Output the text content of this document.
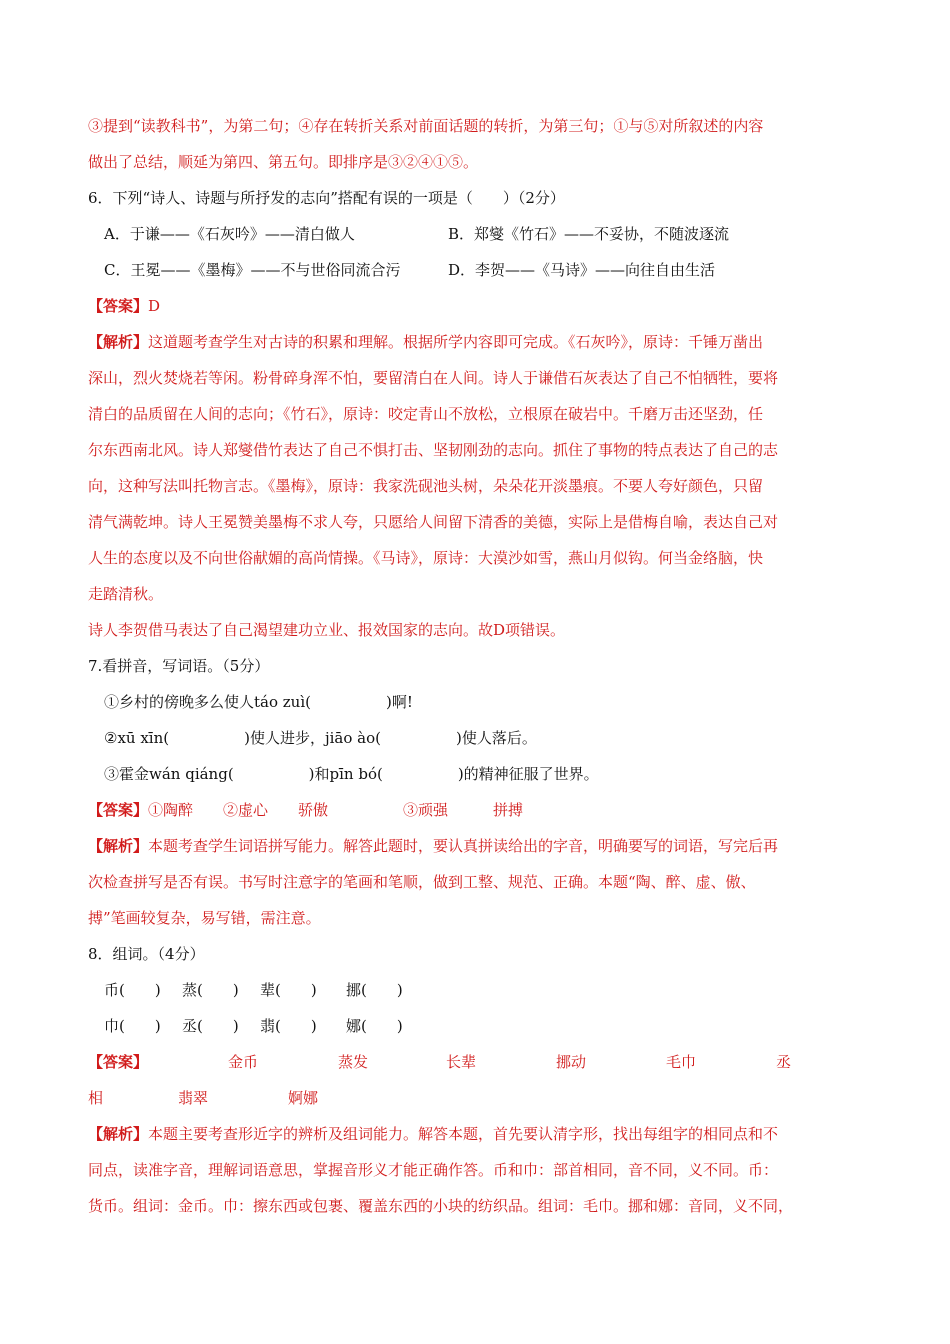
③提到“读教科书”，为第二句；④存在转折关系对前面话题的转折，为第三句；①与⑤对所叙述的内容
做出了总结，顺延为第四、第五句。即排序是③②④①⑤。
6．下列“诗人、诗题与所抒发的志向”搭配有误的一项是（　　）（2分）
A．于谦——《石灰吟》——清白做人	B．郑燮《竹石》——不妥协，不随波逐流
C．王冕——《墨梅》——不与世俗同流合污	D．李贺——《马诗》——向往自由生活
【答案】D
【解析】这道题考查学生对古诗的积累和理解。根据所学内容即可完成。《石灰吟》，原诗：千锤万凿出
深山，烈火焚烧若等闲。粉骨碎身浑不怕，要留清白在人间。诗人于谦借石灰表达了自己不怕牺牲，要将
清白的品质留在人间的志向；《竹石》，原诗：咬定青山不放松，立根原在破岩中。千磨万击还坚劲，任
尔东西南北风。诗人郑燮借竹表达了自己不惧打击、坚韧刚劲的志向。抓住了事物的特点表达了自己的志
向，这种写法叫托物言志。《墨梅》，原诗：我家洗砚池头树，朵朵花开淡墨痕。不要人夸好颜色，只留
清气满乾坤。诗人王冕赞美墨梅不求人夸，只愿给人间留下清香的美德，实际上是借梅自喻，表达自己对
人生的态度以及不向世俗献媚的高尚情操。《马诗》，原诗：大漠沙如雪，燕山月似钩。何当金络脑，快
走踏清秋。
诗人李贺借马表达了自己渴望建功立业、报效国家的志向。故D项错误。
7.看拼音，写词语。（5分）
①乡村的傍晚多么使人táo zuì(　　　　　)啊!
②xū xīn(　　　　　)使人进步，jiāo ào(　　　　　)使人落后。
③霍金wán qiáng(　　　　　)和pīn bó(　　　　　)的精神征服了世界。
【答案】①陶醉　　②虚心　　骄傲　　　　　③顽强　　　拼搏
【解析】本题考查学生词语拼写能力。解答此题时，要认真拼读给出的字音，明确要写的词语，写完后再
次检查拼写是否有误。书写时注意字的笔画和笔顺，做到工整、规范、正确。本题“陶、醉、虚、傲、
搏”笔画较复杂，易写错，需注意。
8．组词。（4分）
币(　　) 蒸(　　) 辈(　　) 挪(　　)
巾(　　) 丞(　　) 翡(　　) 娜(　　)
【答案】	金币	蒸发	长辈	挪动	毛巾	丞
相	翡翠	婀娜
【解析】本题主要考查形近字的辨析及组词能力。解答本题，首先要认清字形，找出每组字的相同点和不
同点，读准字音，理解词语意思，掌握音形义才能正确作答。币和巾：部首相同，音不同，义不同。币：
货币。组词：金币。巾：擦东西或包裹、覆盖东西的小块的纺织品。组词：毛巾。挪和娜：音同，义不同，
